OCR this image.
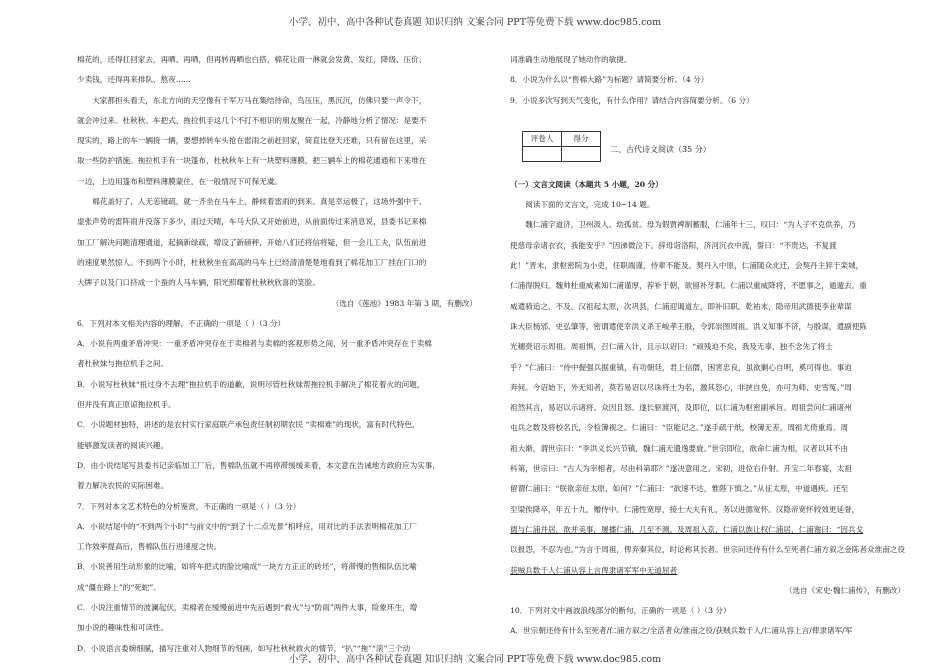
小学、初中、高中各种试卷真题 知识归纳 文案合同 PPT等免费下载 www.doc985.com

棉花的，还得扛回家去，再晒、再晒，但再转再晒也白搭，棉花让雨一淋就会发黄、发红，降级、压价、

少卖钱，还得再来排队、熬夜……

大家都担头看天，东北方向的天空像有千军万马在集结待命，鸟压压，黑沉沉，仿佛只要一声令下，

就会冲过来。杜秋秋、车把式、拖拉机手这几个不打不相识的朋友聚在一起，冷静地分析了情况：是要不

现实的，路上的车一辆接一辆，要想掉转车头抢在雷雨之前赶回家，简直比登天还难，只有留在这里，采

取一些防护措施。拖拉机手有一块篷布，杜秋秋车上有一块塑料薄膜，把三辆车上的棉花通通和下来堆在

一边，上边用篷布和塑料薄膜蒙住，在一般情况下可保无虞。

棉花盖好了，人无恙镜疏，就一齐坐在马车上，静候着雷雨的到来。真是幸运极了，这场外强中干、

虚张声势的雷阵雨并没落下多少，雨过天晴，车马大队又开始前进，从前面传过来消息说，县委书记来棉

加工厂解决问题清理通道，起摘新绿疏，增设了新磅秤，开始八们还将信将疑，但一会儿工夫，队伍前进

的速度果然惊人。不到两个小时，杜秋秋坐在高高的马车上已经清清楚楚地看到了棉花加工厂挂在门口的

大牌子以及门口挤成一个蚕的人马车辆，阳光照耀着杜秋秋欣喜的笑脸。

（选自《莲池》1983 年第 3 期，有删改）

6．下列对本文相关内容的理解，不正确的一项是（ ）（3 分）

A．小说有两重矛盾冲突：一重矛盾冲突存在于卖棉者与卖棉的客观形势之间，另一重矛盾冲突存在于卖棉

者杜秋妹与拖拉机手之间。

B．小说写杜秋妹“扭过身不去理”拖拉机手的道歉，说明尽管杜秋妹帮拖拉机手解决了棉花着火的问题，

但并没有真正原谅拖拉机手。

C．小说题材独特，讲述的是农村实行家庭联产承包责任制初期农民 “卖棉难”的现状，富有时代特色，

能够激发读者的阅读兴趣。

D．由小说结尾写县委书记亲临加工厂后，售棉队伍就不再停滞缓缓来看，本文意在告诫地方政府应为实事，

着力解决农民的实际困难。

7．下列对本文艺术特色的分析鉴赏，不正确的一项是（ ）（3 分）

A．小说结尾中的“不到两个小时”与前文中的“到了十二点光景”相呼应，用对比的手法表明棉花加工厂

工作效率提高后，售棉队伍行进速度之快。

B．小说善用生动形象的比喻，如将车把式的脸比喻成“一块方方正正的砖坯”，将滞慢的售棉队伍比喻

成“僵在路上”的“死蛇”。

C．小说注重情节的波澜起伏，卖棉者在缓慢前进中先后遇到“救火”与“防雨”两件大事，险象环生，增

加小说的趣味性和可读性。

D．小说语言委婉细腻，描写注重对人物细节的刻画，如写杜秋秋救火的情节，“扒”“拖”“滚”三个动

词准确生动地展现了她动作的敏捷。

8．小说为什么以“售棉大路”为标题？请简要分析。（4 分）

9．小说多次写到天气变化，有什么作用？请结合内容简要分析。（6 分）

评卷人	得分

二、古代诗文阅读（35 分）

（一）文言文阅读（本题共 5 小题，20 分）

阅读下面的文言文，完成 10~14 题。

魏仁浦字道济，卫州汲人。幼孤贫。母为假贾裨制蓄服，仁浦年十三，叹曰：“为人子不克供养，乃

使慈母亲诸衣衣，我能安乎？”因涕微泣下。辞母诣洛阳，济河沉衣中流，誓曰：“不贵达，不复渡

此！”晋末，隶枢密院为小吏，任职端谨，侍辈不能及。契丹入中原，仁浦随众北迁，会契丹主猝于栾城，

仁浦得脱归。魏帅杜重威素知仁浦谨厚，荐补于朝，欲留补牙职。仁浦以重威降将，不愿事之，遁遁去。重

威遣骑追之，不及。汉祖起太原，次巩县，仁浦迎谒道左，即补旧职。乾祐末，隐帝用武德使李业辈谋

诛大臣杨邠、史弘肇等，密谓遣使幸洪义杀王峻孝王殷，令郭崇图周祖。洪义知事不济，与殷谋，遣副使陈

光穗赍诏示周祖。周祖惧，召仁浦入计，且示以诏曰：“顽残迫不矣，我及无辜，独不念先了将士

乎？”仁浦曰：“侍中握强兵据重镇，有功朝廷，君上信僭，困害忠良，虽欲剿心自明，奚可得也。事迫

奔何。今诏始下，外无知者，莫若易诏以尽诛将士为名，激其怒心，非挟自免，亦可为师、史雪冤。”周

祖然其言，易诏以示诸将。众因且怒。遂长驱渡河，及即位，以仁浦为枢密副承旨。周祖尝问仁浦诸州

屯兵之数及将校名氏，令检簿视之。仁浦曰：“臣能记之。”遂手疏于纸，校簿无差，周祖尤倚重焉。周

祖大渐，谓世宗曰：“李洪义长兴节镇，魏仁浦无遗逸要旋。”世宗即位，欲命仁浦为相，议者以其不由

科第，世宗曰：“古人为宰相者，尽由科第耶？”遂决意用之。宋初，进位右仆射。开宝二年春宴，太祖

留谓仁浦曰：“朕欲亲征太原，如何？”仁浦曰：“欲速不达，惟陛下慎之。”从征太原，中道遇疾。还至

至梁俟降卒，年五十九，赠侍中。仁浦性宽厚，接士大夫有礼，务以进德宽怀。汉隐帝宽怀较效更延誉，

德与仁浦并居，欲并美事，屡播仁浦，几至不测。及周祖入京，仁浦以族让权仁浦居，仁浦谢曰：“因兵戈

以报怨，不忍为也。”为言于周祖，俾弃秦其位，时论称其长者。世宗问还侍有什么至死者仁浦方叙之金陈者众淮南之役

获贼兵数千人仁浦从容上言俾隶诸军军中无道屈者

（选自《宋史·魏仁浦传》，有删改）

10．下列对文中画波浪线部分的断句，正确的一项是（ ）（3 分）

A．世宗朝还侍有什么至死者/仁浦方叙之/全活者众/淮南之役/获贼兵数千人/仁浦从容上言/俾隶诸军/军

小学、初中、高中各种试卷真题 知识归纳 文案合同 PPT等免费下载 www.doc985.com
